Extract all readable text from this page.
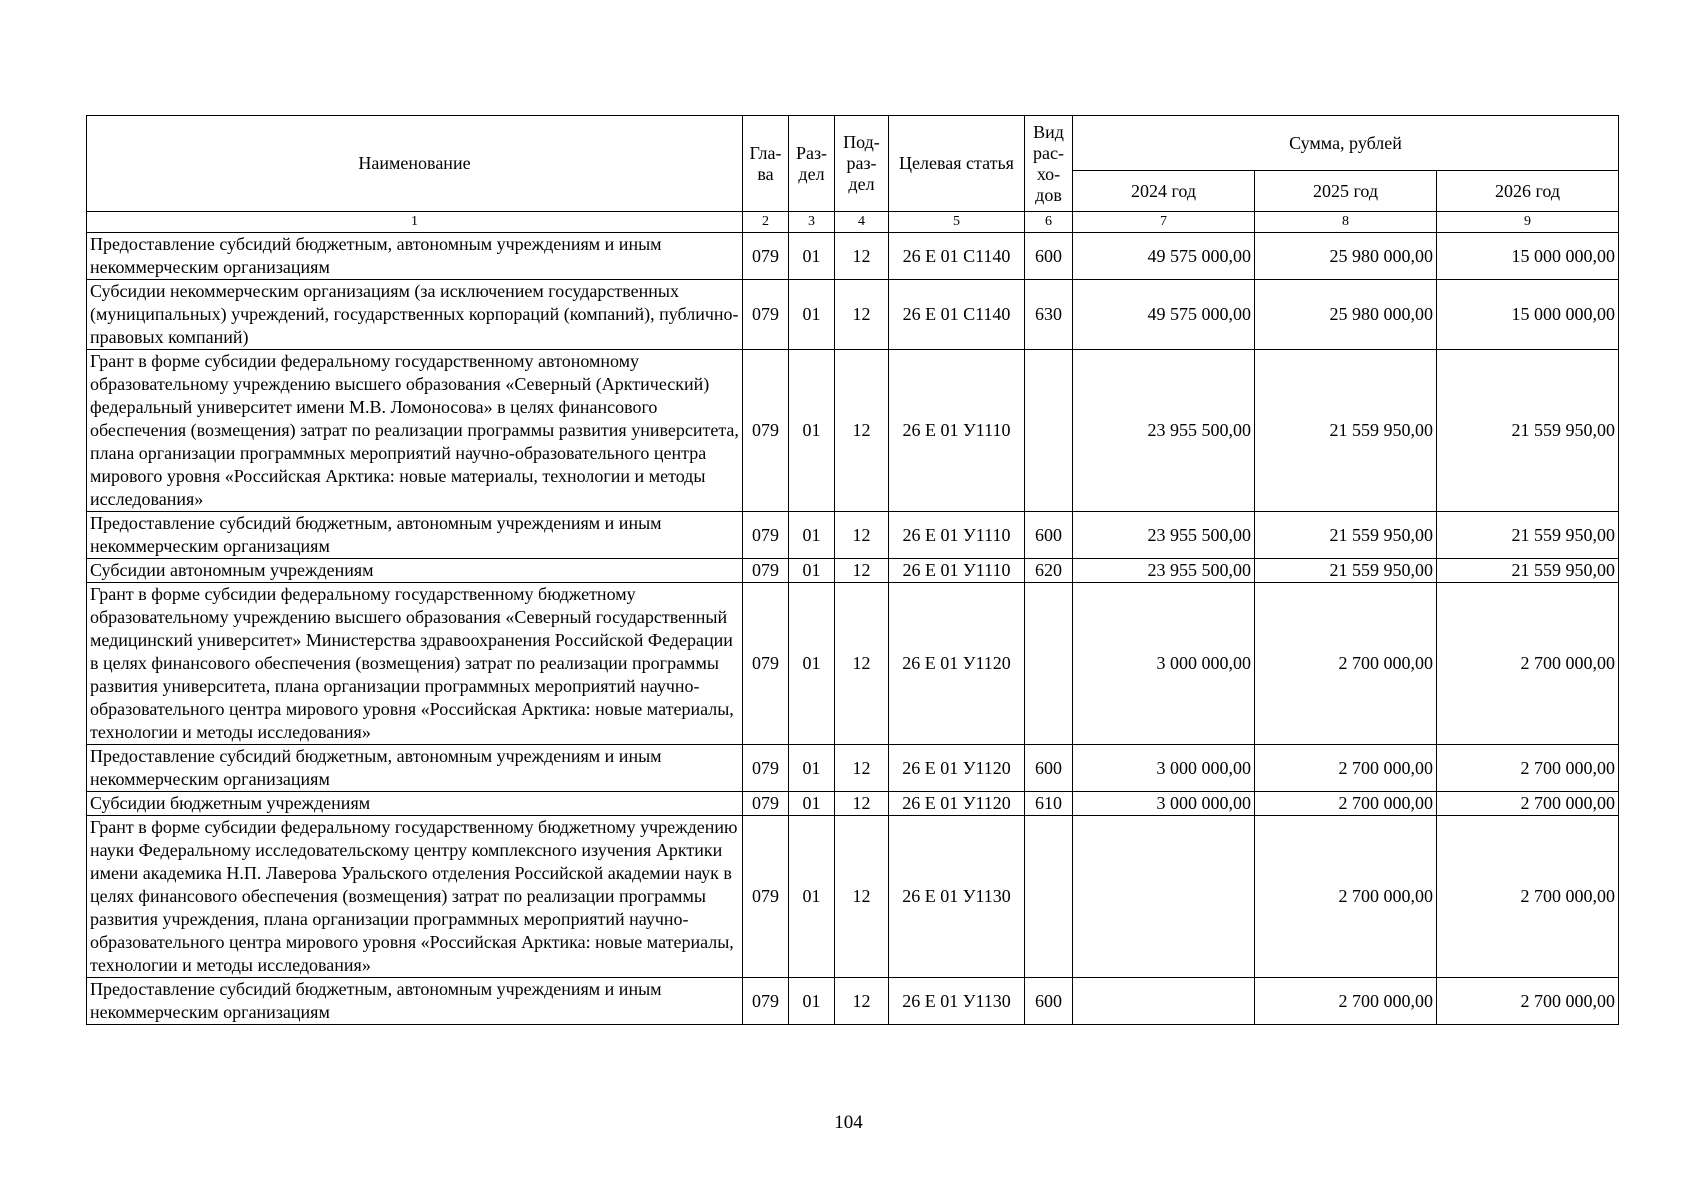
Наименование	Гла-ва	Раз-дел	Под-раз-дел	Целевая статья	Вид рас-хо-дов	Сумма, рублей		
						2024 год	2025 год	2026 год
1	2	3	4	5	6	7	8	9
Предоставление субсидий бюджетным, автономным учреждениям и иным некоммерческим организациям	079	01	12	26 Е 01 С1140	600	49 575 000,00	25 980 000,00	15 000 000,00
Субсидии некоммерческим организациям (за исключением государственных (муниципальных) учреждений, государственных корпораций (компаний), публично-правовых компаний)	079	01	12	26 Е 01 С1140	630	49 575 000,00	25 980 000,00	15 000 000,00
Грант в форме субсидии федеральному государственному автономному образовательному учреждению высшего образования «Северный (Арктический) федеральный университет имени М.В. Ломоносова» в целях финансового обеспечения (возмещения) затрат по реализации программы развития университета, плана организации программных мероприятий научно-образовательного центра мирового уровня «Российская Арктика: новые материалы, технологии и методы исследования»	079	01	12	26 Е 01 У1110		23 955 500,00	21 559 950,00	21 559 950,00
Предоставление субсидий бюджетным, автономным учреждениям и иным некоммерческим организациям	079	01	12	26 Е 01 У1110	600	23 955 500,00	21 559 950,00	21 559 950,00
Субсидии автономным учреждениям	079	01	12	26 Е 01 У1110	620	23 955 500,00	21 559 950,00	21 559 950,00
Грант в форме субсидии федеральному государственному бюджетному образовательному учреждению высшего образования «Северный государственный медицинский университет» Министерства здравоохранения Российской Федерации в целях финансового обеспечения (возмещения) затрат по реализации программы развития университета, плана организации программных мероприятий научно-образовательного центра мирового уровня «Российская Арктика: новые материалы, технологии и методы исследования»	079	01	12	26 Е 01 У1120		3 000 000,00	2 700 000,00	2 700 000,00
Предоставление субсидий бюджетным, автономным учреждениям и иным некоммерческим организациям	079	01	12	26 Е 01 У1120	600	3 000 000,00	2 700 000,00	2 700 000,00
Субсидии бюджетным учреждениям	079	01	12	26 Е 01 У1120	610	3 000 000,00	2 700 000,00	2 700 000,00
Грант в форме субсидии федеральному государственному бюджетному учреждению науки Федеральному исследовательскому центру комплексного изучения Арктики имени академика Н.П. Лаверова Уральского отделения Российской академии наук в целях финансового обеспечения (возмещения) затрат по реализации программы развития учреждения, плана организации программных мероприятий научно-образовательного центра мирового уровня «Российская Арктика: новые материалы, технологии и методы исследования»	079	01	12	26 Е 01 У1130			2 700 000,00	2 700 000,00
Предоставление субсидий бюджетным, автономным учреждениям и иным некоммерческим организациям	079	01	12	26 Е 01 У1130	600		2 700 000,00	2 700 000,00
104
